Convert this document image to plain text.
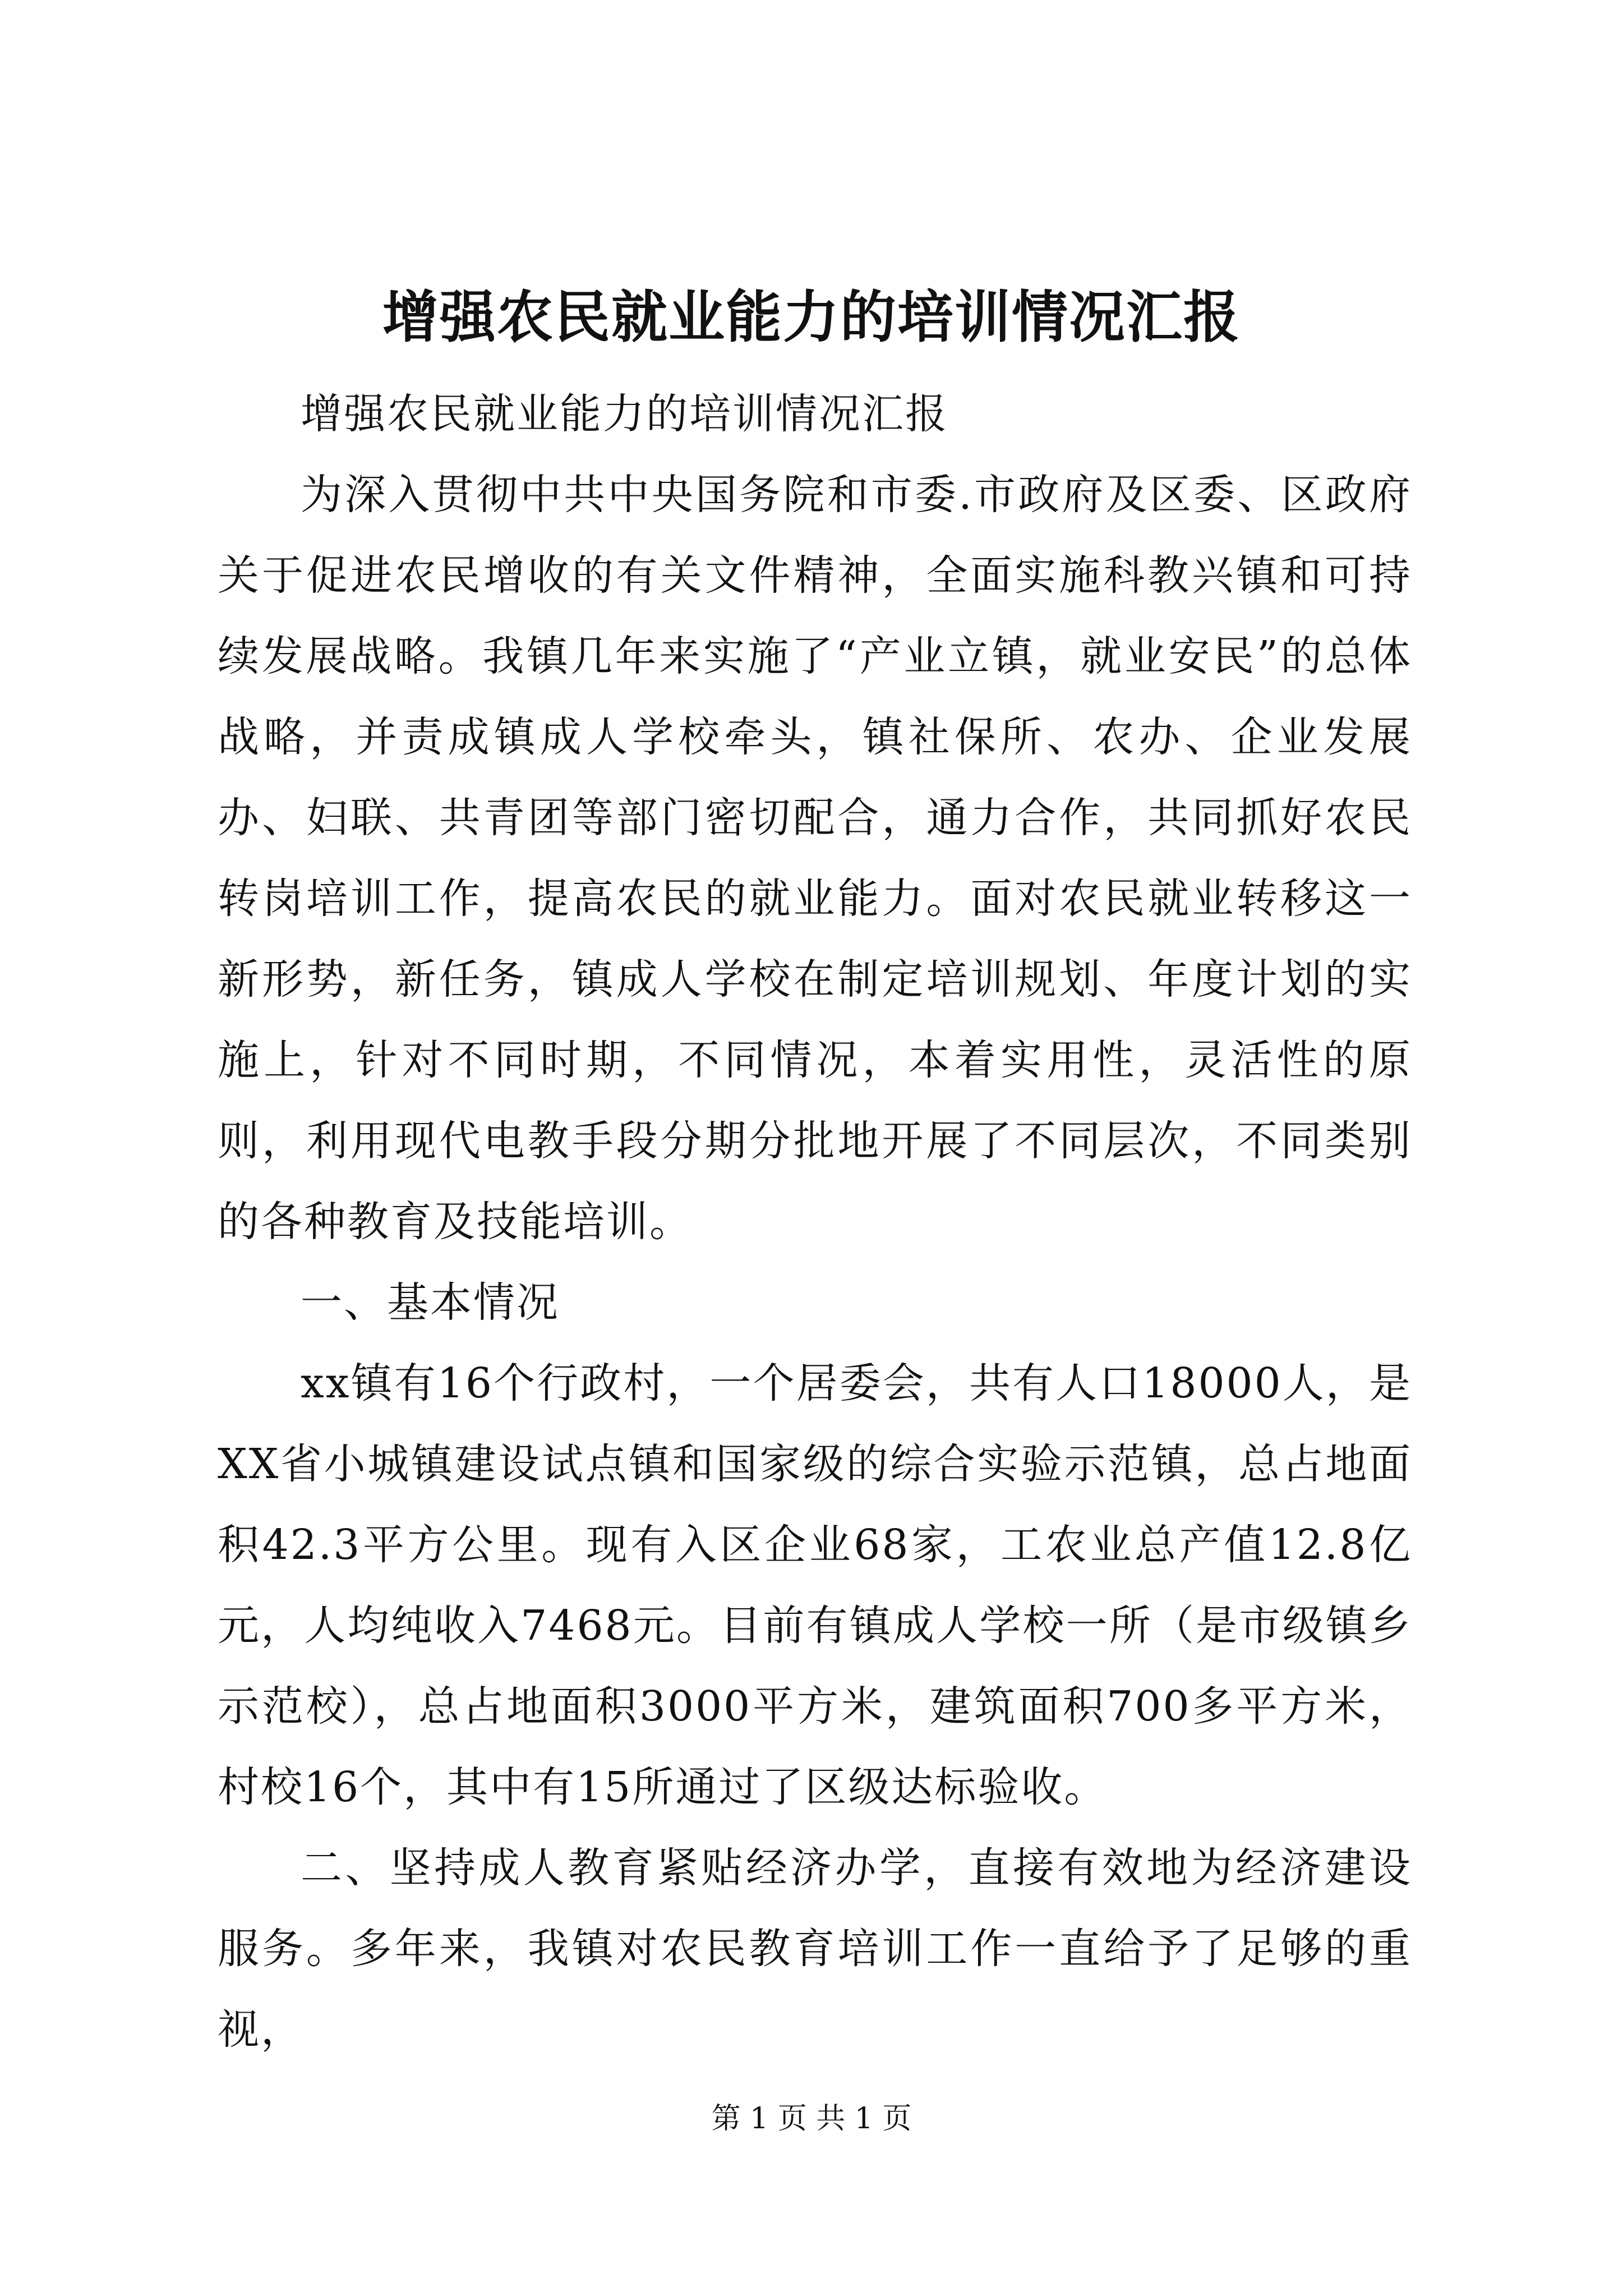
增强农民就业能力的培训情况汇报

增强农民就业能力的培训情况汇报

为深入贯彻中共中央国务院和市委.市政府及区委、区政府关于促进农民增收的有关文件精神，全面实施科教兴镇和可持续发展战略。我镇几年来实施了“产业立镇，就业安民”的总体战略，并责成镇成人学校牵头，镇社保所、农办、企业发展办、妇联、共青团等部门密切配合，通力合作，共同抓好农民转岗培训工作，提高农民的就业能力。面对农民就业转移这一新形势，新任务，镇成人学校在制定培训规划、年度计划的实施上，针对不同时期，不同情况，本着实用性，灵活性的原则，利用现代电教手段分期分批地开展了不同层次，不同类别的各种教育及技能培训。

一、基本情况

xx镇有16个行政村，一个居委会，共有人口18000人，是XX省小城镇建设试点镇和国家级的综合实验示范镇，总占地面积42.3平方公里。现有入区企业68家，工农业总产值12.8亿元，人均纯收入7468元。目前有镇成人学校一所（是市级镇乡示范校），总占地面积3000平方米，建筑面积700多平方米，村校16个，其中有15所通过了区级达标验收。

二、坚持成人教育紧贴经济办学，直接有效地为经济建设服务。多年来，我镇对农民教育培训工作一直给予了足够的重视，

第 1 页 共 1 页
